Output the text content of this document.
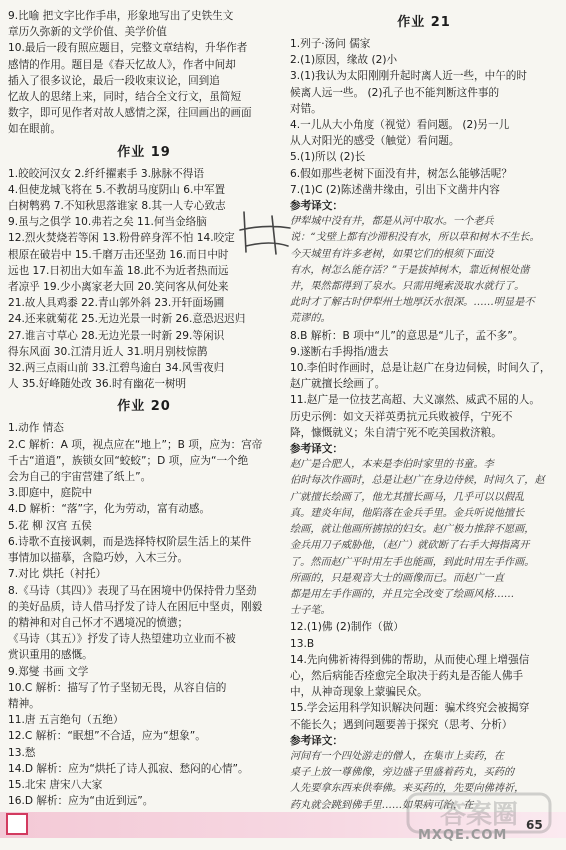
9.比喻 把文字比作手串，形象地写出了史铁生文
章历久弥新的文学价值、美学价值
10.最后一段有照应题目，完整文章结构，升华作者
感情的作用。题目是《春天忆故人》，作者中间却
插入了很多议论，最后一段收束议论，回到追
忆故人的思绪上来，同时，结合全文行文，虽简短
数字，即可见作者对故人感情之深，往回画出的画面
如在眼前。
作业 19
1.皎皎河汉女 2.纤纤擢素手 3.脉脉不得语
4.但使龙城飞将在 5.不教胡马度阴山 6.中军置
白树鹎鸦 7.不知秋思落谁家 8.其一人专心致志
9.虽与之俱学 10.弗若之矣 11.何当金络脑
12.烈火焚烧若等闲 13.粉骨碎身浑不怕 14.咬定
根原在破岩中 15.千磨万击还坚劲 16.而日中时
远也 17.日初出大如车盖 18.此不为近者热而远
者凉乎 19.少小离家老大回 20.笑问客从何处来
21.故人具鸡黍 22.青山郭外斜 23.开轩面场圃
24.还来就菊花 25.无边光景一时新 26.意恐迟迟归
27.谁言寸草心 28.无边光景一时新 29.等闲识
得东风面 30.江清月近人 31.明月别枝惊鹊
32.两三点雨山前 33.江碧鸟逾白 34.风雪夜归
人 35.好峰随处改 36.时有幽花一树明
作业 20
1.动作 情态
2.C 解析：A 项，视点应在“地上”；B 项，应为：宫帝
千古“道逍”，族锁女回“蛟蛟”；D 项，应为“一个绝
会为自己的宇宙营建了纸上”。
3.即庭中，庭院中
4.D 解析：“落”字，化为劳动，富有动感。
5.花 柳 汉宫 五侯
6.诗歌不直接讽刺，而是选择特权阶层生活上的某件
事情加以描摹，含隐巧妙，入木三分。
7.对比 烘托（衬托）
8.《马诗（其四）》表现了马在困境中仍保持骨力坚劲
的美好品质，诗人借马抒发了诗人在困厄中坚贞，刚毅
的精神和对自己怀才不遇境况的愤懑；
《马诗（其五）》抒发了诗人热望建功立业而不被
赏识重用的感慨。
9.郑燮 书画 文学
10.C 解析：描写了竹子坚韧无畏，从容自信的
精神。
11.唐 五言绝句（五绝）
12.C 解析：“眠想”不合适，应为“想象”。
13.愁
14.D 解析：应为“烘托了诗人孤寂、愁闷的心情”。
15.北宋 唐宋八大家
16.D 解析：应为“由近到远”。
作业 21
1.列子·汤问 儒家
2.(1)原因，缘故 (2)小
3.(1)我认为太阳刚刚升起时离人近一些，中午的时
候离人远一些。 (2)孔子也不能判断这件事的
对错。
4.一儿从大小角度（视觉）看问题。 (2)另一儿
从人对阳光的感受（触觉）看问题。
5.(1)所以 (2)长
6.假如那些老树下面没有井，树怎么能够活呢？
7.(1)C (2)陈述凿井缘由，引出下文凿井内容
参考译文：
伊犁城中没有井，都是从河中取水。一个老兵
说：“戈壁上都有沙滞积没有水，所以草和树木不生长。
今天城里有许多老树，如果它们的根须下面没
有水，树怎么能存活？”于是拔掉树木，靠近树根处凿
井，果然都得到了泉水。只需用绳索汲取水就行了。
此时才了解古时伊犁州土地厚沃水很深。……明显是不
荒谬的。
8.B 解析：B 项中“儿”的意思是“儿子，孟不多”。
9.遂断右手拇指/遗去
10.李伯时作画时，总是让赵广在身边伺候，时间久了，
赵广就擅长绘画了。
11.赵广是一位技艺高超、大义凛然、威武不屈的人。
历史示例：如文天祥英勇抗元兵败被俘，宁死不
降，慷慨就义；朱自清宁死不吃美国救济粮。
参考译文：
赵广是合肥人，本来是李伯时家里的书童。李
伯时每次作画时，总是让赵广在身边侍候，时间久了，赵
广就擅长绘画了，他尤其擅长画马，几乎可以以假乱
真。建炎年间，他陷落在金兵手里。金兵听说他擅长
绘画，就让他画所掳掠的妇女。赵广极力推辞不愿画，
金兵用刀子威胁他，（赵广）就砍断了右手大拇指离开
了。然而赵广平时用左手也能画，到此时用左手作画。
所画的，只是观音大士的画像而已。而赵广一直
都是用左手作画的，并且完全改变了绘画风格……
士子笔。
12.(1)佛 (2)制作（做）
13.B
14.先向佛祈祷得到佛的帮助，从而使心理上增强信
心，然后病能否痊愈完全取决于药丸是否能人佛手
中，从神奇现象上蒙骗民众。
15.学会运用科学知识解决问题：骗术终究会被揭穿
不能长久；遇到问题要善于探究（思考、分析）
参考译文：
河间有一个四处游走的僧人，在集市上卖药，在
桌子上放一尊佛像，旁边盛子里盛着药丸，买药的
人先要拿东西来供奉佛。来买药的，先要向佛祷祈，
药丸就会跳到佛手里……如果病可治，在
65
答案圈
MXQE.COM
